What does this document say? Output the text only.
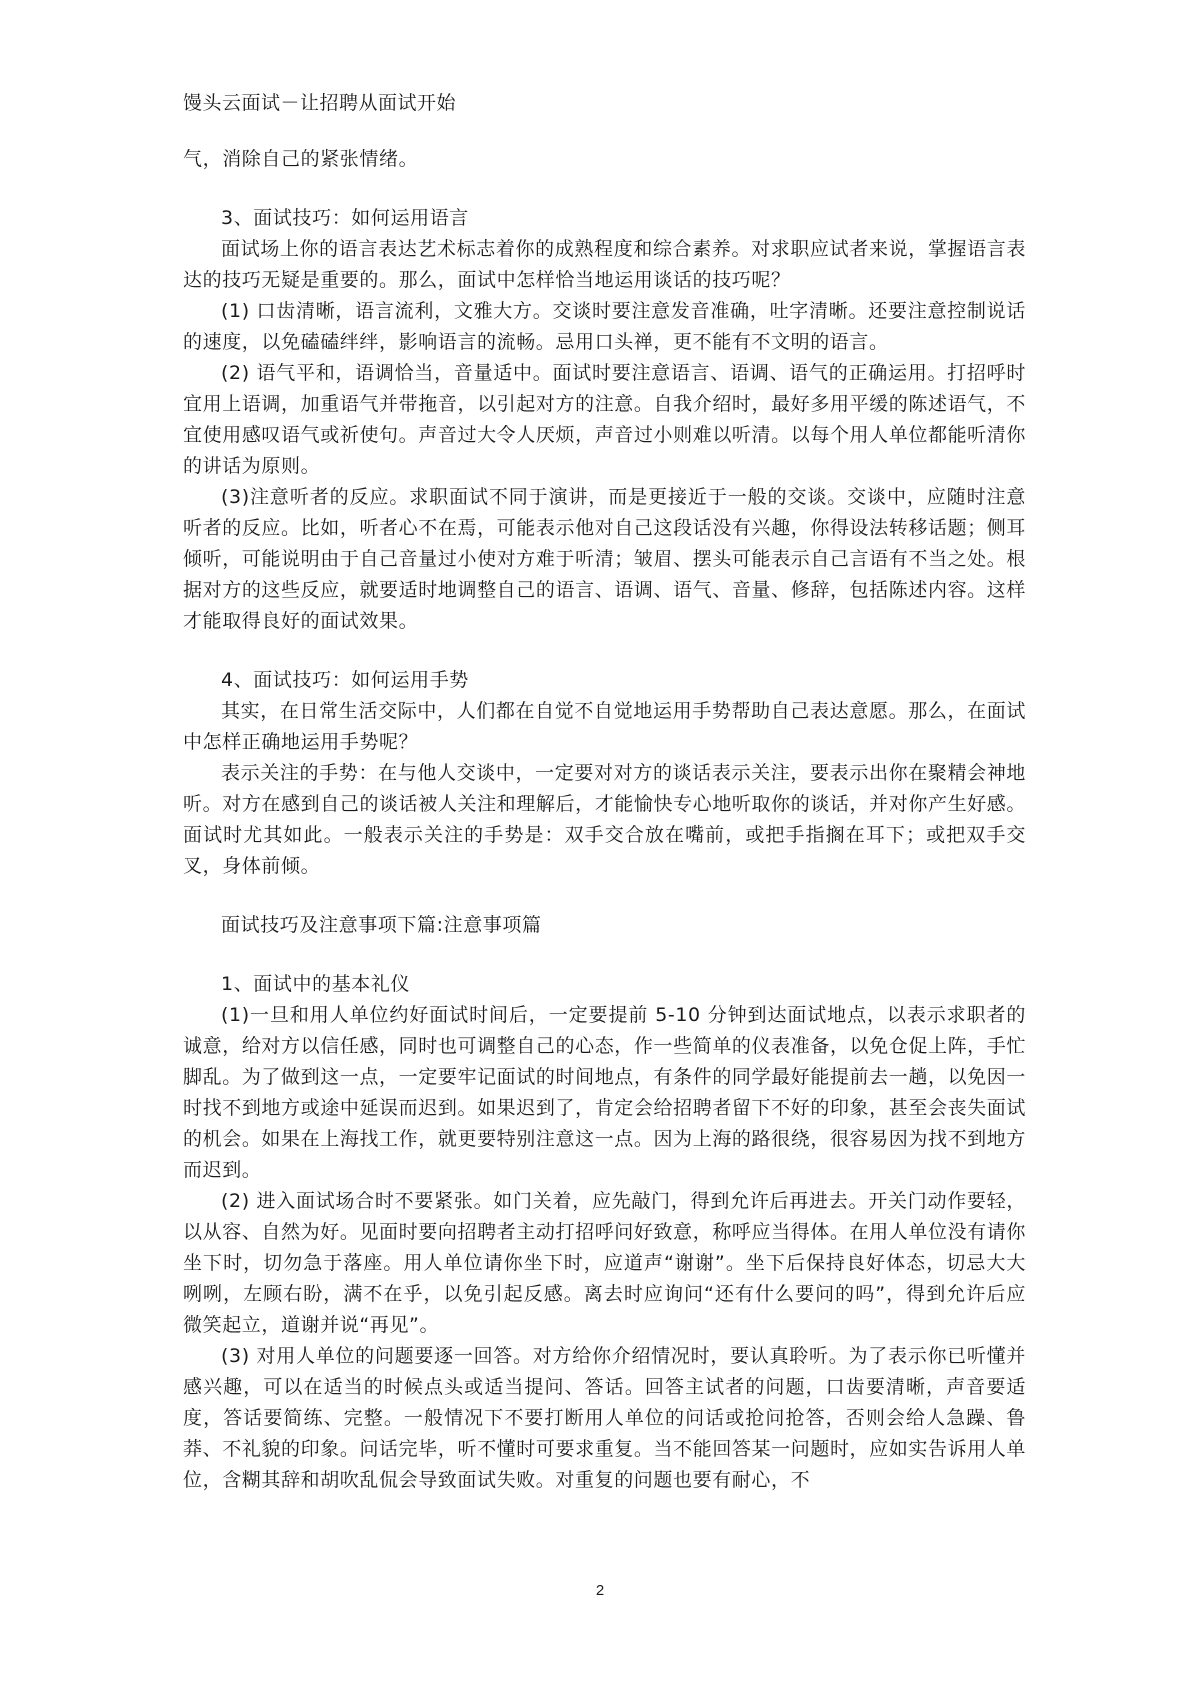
馒头云面试－让招聘从面试开始

气，消除自己的紧张情绪。

3、面试技巧：如何运用语言

面试场上你的语言表达艺术标志着你的成熟程度和综合素养。对求职应试者来说，掌握语言表达的技巧无疑是重要的。那么，面试中怎样恰当地运用谈话的技巧呢？

(1) 口齿清晰，语言流利，文雅大方。交谈时要注意发音准确，吐字清晰。还要注意控制说话的速度，以免磕磕绊绊，影响语言的流畅。忌用口头禅，更不能有不文明的语言。

(2) 语气平和，语调恰当，音量适中。面试时要注意语言、语调、语气的正确运用。打招呼时宜用上语调，加重语气并带拖音，以引起对方的注意。自我介绍时，最好多用平缓的陈述语气，不宜使用感叹语气或祈使句。声音过大令人厌烦，声音过小则难以听清。以每个用人单位都能听清你的讲话为原则。

(3)注意听者的反应。求职面试不同于演讲，而是更接近于一般的交谈。交谈中，应随时注意听者的反应。比如，听者心不在焉，可能表示他对自己这段话没有兴趣，你得设法转移话题；侧耳倾听，可能说明由于自己音量过小使对方难于听清；皱眉、摆头可能表示自己言语有不当之处。根据对方的这些反应，就要适时地调整自己的语言、语调、语气、音量、修辞，包括陈述内容。这样才能取得良好的面试效果。

4、面试技巧：如何运用手势

其实，在日常生活交际中，人们都在自觉不自觉地运用手势帮助自己表达意愿。那么，在面试中怎样正确地运用手势呢？

表示关注的手势：在与他人交谈中，一定要对对方的谈话表示关注，要表示出你在聚精会神地听。对方在感到自己的谈话被人关注和理解后，才能愉快专心地听取你的谈话，并对你产生好感。面试时尤其如此。一般表示关注的手势是：双手交合放在嘴前，或把手指搁在耳下；或把双手交叉，身体前倾。

面试技巧及注意事项下篇:注意事项篇

1、面试中的基本礼仪

(1)一旦和用人单位约好面试时间后，一定要提前 5-10 分钟到达面试地点，以表示求职者的诚意，给对方以信任感，同时也可调整自己的心态，作一些简单的仪表准备，以免仓促上阵，手忙脚乱。为了做到这一点，一定要牢记面试的时间地点，有条件的同学最好能提前去一趟，以免因一时找不到地方或途中延误而迟到。如果迟到了，肯定会给招聘者留下不好的印象，甚至会丧失面试的机会。如果在上海找工作，就更要特别注意这一点。因为上海的路很绕，很容易因为找不到地方而迟到。

(2) 进入面试场合时不要紧张。如门关着，应先敲门，得到允许后再进去。开关门动作要轻，以从容、自然为好。见面时要向招聘者主动打招呼问好致意，称呼应当得体。在用人单位没有请你坐下时，切勿急于落座。用人单位请你坐下时，应道声“谢谢”。坐下后保持良好体态，切忌大大咧咧，左顾右盼，满不在乎，以免引起反感。离去时应询问“还有什么要问的吗”，得到允许后应微笑起立，道谢并说“再见”。

(3) 对用人单位的问题要逐一回答。对方给你介绍情况时，要认真聆听。为了表示你已听懂并感兴趣，可以在适当的时候点头或适当提问、答话。回答主试者的问题，口齿要清晰，声音要适度，答话要简练、完整。一般情况下不要打断用人单位的问话或抢问抢答，否则会给人急躁、鲁莽、不礼貌的印象。问话完毕，听不懂时可要求重复。当不能回答某一问题时，应如实告诉用人单位，含糊其辞和胡吹乱侃会导致面试失败。对重复的问题也要有耐心，不

2
